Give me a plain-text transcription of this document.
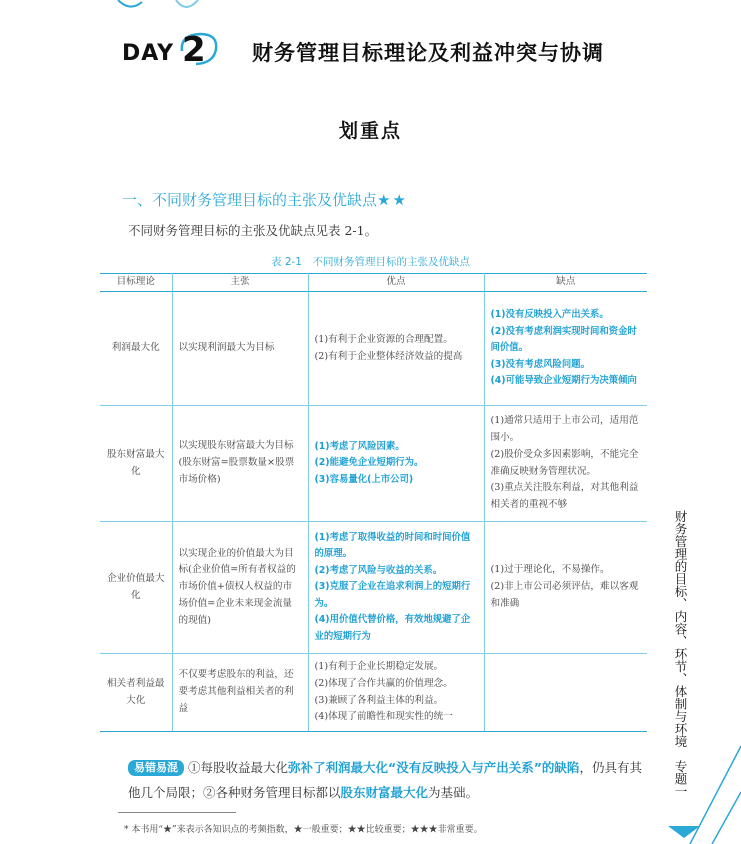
DAY 2 财务管理目标理论及利益冲突与协调
划重点
一、不同财务管理目标的主张及优缺点★★
不同财务管理目标的主张及优缺点见表 2-1。
表 2-1　不同财务管理目标的主张及优缺点
目标理论	主张	优点	缺点
利润最大化	以实现利润最大为目标	(1)有利于企业资源的合理配置。
(2)有利于企业整体经济效益的提高	(1)没有反映投入产出关系。
(2)没有考虑利润实现时间和资金时间价值。
(3)没有考虑风险问题。
(4)可能导致企业短期行为决策倾向

股东财富最大化	以实现股东财富最大为目标(股东财富=股票数量×股票市场价格)	(1)考虑了风险因素。
(2)能避免企业短期行为。
(3)容易量化(上市公司)	(1)通常只适用于上市公司，适用范围小。
(2)股价受众多因素影响，不能完全准确反映财务管理状况。
(3)重点关注股东利益，对其他利益相关者的重视不够

企业价值最大化	以实现企业的价值最大为目标(企业价值=所有者权益的市场价值+债权人权益的市场价值=企业未来现金流量的现值)	(1)考虑了取得收益的时间和时间价值的原理。
(2)考虑了风险与收益的关系。
(3)克服了企业在追求利润上的短期行为。
(4)用价值代替价格，有效地规避了企业的短期行为	(1)过于理论化，不易操作。
(2)非上市公司必须评估，难以客观和准确

相关者利益最大化	不仅要考虑股东的利益，还要考虑其他利益相关者的利益	(1)有利于企业长期稳定发展。
(2)体现了合作共赢的价值理念。
(3)兼顾了各利益主体的利益。
(4)体现了前瞻性和现实性的统一	

易错易混 ①每股收益最大化弥补了利润最大化“没有反映投入与产出关系”的缺陷，仍具有其他几个局限；②各种财务管理目标都以股东财富最大化为基础。
* 本书用“★”来表示各知识点的考频指数，★一般重要；★★比较重要；★★★非常重要。
财务管理的目标、内容、环节、体制与环境　专题一
